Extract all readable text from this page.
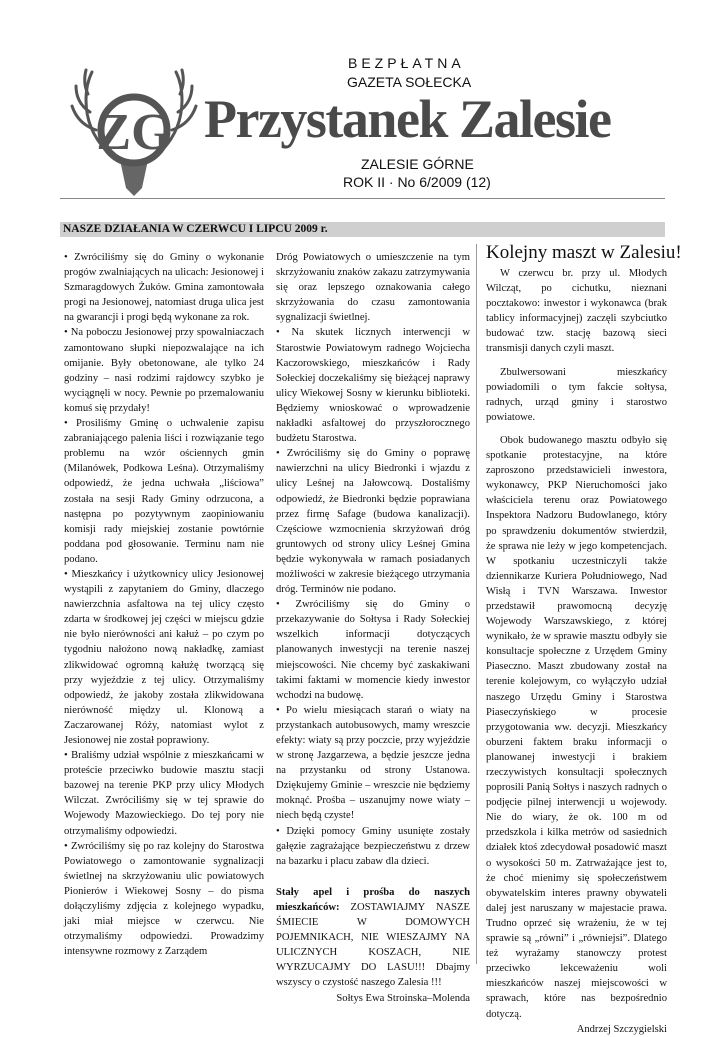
ZG
BEZPŁATNA
GAZETA SOŁECKA
Przystanek Zalesie
ZALESIE GÓRNE
ROK II · No 6/2009 (12)
NASZE DZIAŁANIA W CZERWCU I LIPCU 2009 r.

• Zwróciliśmy się do Gminy o wykonanie progów zwalniających na ulicach: Jesionowej i Szmaragdowych Żuków. Gmina zamontowała progi na Jesionowej, natomiast druga ulica jest na gwarancji i progi będą wykonane za rok.

• Na poboczu Jesionowej przy spowalniaczach zamontowano słupki niepozwalające na ich omijanie. Były obetonowane, ale tylko 24 godziny – nasi rodzimi rajdowcy szybko je wyciągnęli w nocy. Pewnie po przemalowaniu komuś się przydały!

• Prosiliśmy Gminę o uchwalenie zapisu zabraniającego palenia liści i rozwiązanie tego problemu na wzór ościennych gmin (Milanówek, Podkowa Leśna). Otrzymaliśmy odpowiedź, że jedna uchwała „liściowa” została na sesji Rady Gminy odrzucona, a następna po pozytywnym zaopiniowaniu komisji rady miejskiej zostanie powtórnie poddana pod głosowanie. Terminu nam nie podano.

• Mieszkańcy i użytkownicy ulicy Jesionowej wystąpili z zapytaniem do Gminy, dlaczego nawierzchnia asfaltowa na tej ulicy często zdarta w środkowej jej części w miejscu gdzie nie było nierówności ani kałuż – po czym po tygodniu nałożono nową nakładkę, zamiast zlikwidować ogromną kałużę tworzącą się przy wyjeździe z tej ulicy. Otrzymaliśmy odpowiedź, że jakoby została zlikwidowana nierówność między ul. Klonową a Zaczarowanej Róży, natomiast wylot z Jesionowej nie został poprawiony.

• Braliśmy udział wspólnie z mieszkańcami w proteście przeciwko budowie masztu stacji bazowej na terenie PKP przy ulicy Młodych Wilczat. Zwróciliśmy się w tej sprawie do Wojewody Mazowieckiego. Do tej pory nie otrzymaliśmy odpowiedzi.

• Zwróciliśmy się po raz kolejny do Starostwa Powiatowego o zamontowanie sygnalizacji świetlnej na skrzyżowaniu ulic powiatowych Pionierów i Wiekowej Sosny – do pisma dołączyliśmy zdjęcia z kolejnego wypadku, jaki miał miejsce w czerwcu. Nie otrzymaliśmy odpowiedzi. Prowadzimy intensywne rozmowy z Zarządem

Dróg Powiatowych o umieszczenie na tym skrzyżowaniu znaków zakazu zatrzymywania się oraz lepszego oznakowania całego skrzyżowania do czasu zamontowania sygnalizacji świetlnej.

• Na skutek licznych interwencji w Starostwie Powiatowym radnego Wojciecha Kaczorowskiego, mieszkańców i Rady Sołeckiej doczekaliśmy się bieżącej naprawy ulicy Wiekowej Sosny w kierunku biblioteki. Będziemy wnioskować o wprowadzenie nakładki asfaltowej do przyszłorocznego budżetu Starostwa.

• Zwróciliśmy się do Gminy o poprawę nawierzchni na ulicy Biedronki i wjazdu z ulicy Leśnej na Jałowcową. Dostaliśmy odpowiedź, że Biedronki będzie poprawiana przez firmę Safage (budowa kanalizacji). Częściowe wzmocnienia skrzyżowań dróg gruntowych od strony ulicy Leśnej Gmina będzie wykonywała w ramach posiadanych możliwości w zakresie bieżącego utrzymania dróg. Terminów nie podano.

• Zwróciliśmy się do Gminy o przekazywanie do Sołtysa i Rady Sołeckiej wszelkich informacji dotyczących planowanych inwestycji na terenie naszej miejscowości. Nie chcemy być zaskakiwani takimi faktami w momencie kiedy inwestor wchodzi na budowę.

• Po wielu miesiącach starań o wiaty na przystankach autobusowych, mamy wreszcie efekty: wiaty są przy poczcie, przy wyjeździe w stronę Jazgarzewa, a będzie jeszcze jedna na przystanku od strony Ustanowa. Dziękujemy Gminie – wreszcie nie będziemy moknąć. Prośba – uszanujmy nowe wiaty – niech będą czyste!

• Dzięki pomocy Gminy usunięte zostały gałęzie zagrażające bezpieczeństwu z drzew na bazarku i placu zabaw dla dzieci.

Stały apel i prośba do naszych mieszkańców: ZOSTAWIAJMY NASZE ŚMIECIE W DOMOWYCH POJEMNIKACH, NIE WIESZAJMY NA ULICZNYCH KOSZACH, NIE WYRZUCAJMY DO LASU!!! Dbajmy wszyscy o czystość naszego Zalesia !!!

Sołtys Ewa Stroinska–Molenda

Kolejny maszt w Zalesiu!

W czerwcu br. przy ul. Młodych Wilcząt, po cichutku, nieznani pocztakowo: inwestor i wykonawca (brak tablicy informacyjnej) zaczęli szybciutko budować tzw. stację bazową sieci transmisji danych czyli maszt.

Zbulwersowani mieszkańcy powiadomili o tym fakcie sołtysa, radnych, urząd gminy i starostwo powiatowe.

Obok budowanego masztu odbyło się spotkanie protestacyjne, na które zaproszono przedstawicieli inwestora, wykonawcy, PKP Nieruchomości jako właściciela terenu oraz Powiatowego Inspektora Nadzoru Budowlanego, który po sprawdzeniu dokumentów stwierdził, że sprawa nie leży w jego kompetencjach. W spotkaniu uczestniczyli także dziennikarze Kuriera Południowego, Nad Wisłą i TVN Warszawa. Inwestor przedstawił prawomocną decyzję Wojewody Warszawskiego, z której wynikało, że w sprawie masztu odbyły sie konsultacje społeczne z Urzędem Gminy Piaseczno. Maszt zbudowany został na terenie kolejowym, co wyłączyło udział naszego Urzędu Gminy i Starostwa Piaseczyńskiego w procesie przygotowania ww. decyzji. Mieszkańcy oburzeni faktem braku informacji o planowanej inwestycji i brakiem rzeczywistych konsultacji społecznych poprosili Panią Sołtys i naszych radnych o podjęcie pilnej interwencji u wojewody. Nie do wiary, że ok. 100 m od przedszkola i kilka metrów od sasiednich działek ktoś zdecydował posadowić maszt o wysokości 50 m. Zatrważające jest to, że choć mienimy się społeczeństwem obywatelskim interes prawny obywateli dalej jest naruszany w majestacie prawa. Trudno oprzeć się wrażeniu, że w tej sprawie są „równi” i „równiejsi”. Dlatego też wyrażamy stanowczy protest przeciwko lekceważeniu woli mieszkańców naszej miejscowości w sprawach, które nas bezpośrednio dotyczą.

Andrzej Szczygielski
